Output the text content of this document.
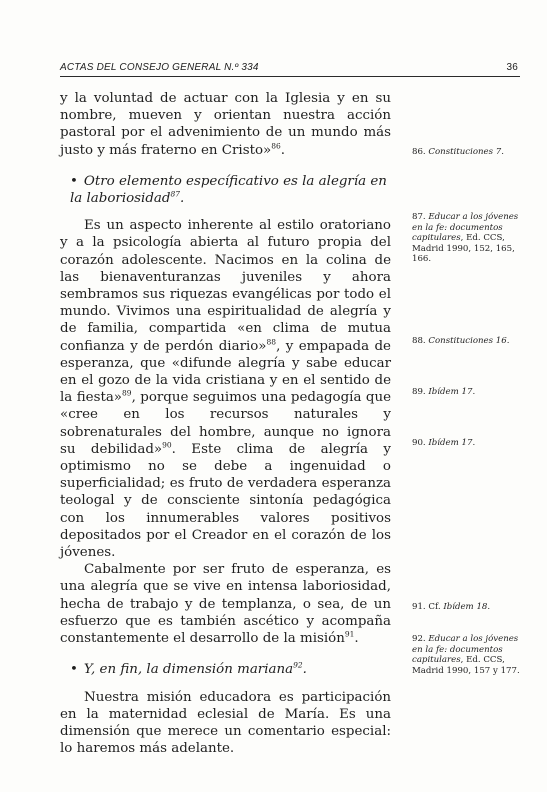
ACTAS DEL CONSEJO GENERAL N.º 334	36

y la voluntad de actuar con la Iglesia y en su nombre, mueven y orientan nuestra acción pastoral por el advenimiento de un mundo más justo y más fraterno en Cristo»$^{86}$.

• Otro elemento específicativo es la alegría en la laboriosidad$^{87}$.

Es un aspecto inherente al estilo oratoriano y a la psicología abierta al futuro propia del corazón adolescente. Nacimos en la colina de las bienaventuranzas juveniles y ahora sembramos sus riquezas evangélicas por todo el mundo. Vivimos una espiritualidad de alegría y de familia, compartida «en clima de mutua confianza y de perdón diario»$^{88}$, y empapada de esperanza, que «difunde alegría y sabe educar en el gozo de la vida cristiana y en el sentido de la fiesta»$^{89}$, porque seguimos una pedagogía que «cree en los recursos naturales y sobrenaturales del hombre, aunque no ignora su debilidad»$^{90}$. Este clima de alegría y optimismo no se debe a ingenuidad o superficialidad; es fruto de verdadera esperanza teologal y de consciente sintonía pedagógica con los innumerables valores positivos depositados por el Creador en el corazón de los jóvenes.

Cabalmente por ser fruto de esperanza, es una alegría que se vive en intensa laboriosidad, hecha de trabajo y de templanza, o sea, de un esfuerzo que es también ascético y acompaña constantemente el desarrollo de la misión$^{91}$.

• Y, en fin, la dimensión mariana$^{92}$.

Nuestra misión educadora es participación en la maternidad eclesial de María. Es una dimensión que merece un comentario especial: lo haremos más adelante.

86. Constituciones 7.
87. Educar a los jóvenes en la fe: documentos capitulares, Ed. CCS, Madrid 1990, 152, 165, 166.
88. Constituciones 16.
89. Ibídem 17.
90. Ibídem 17.
91. Cf. Ibídem 18.
92. Educar a los jóvenes en la fe: documentos capitulares, Ed. CCS, Madrid 1990, 157 y 177.
